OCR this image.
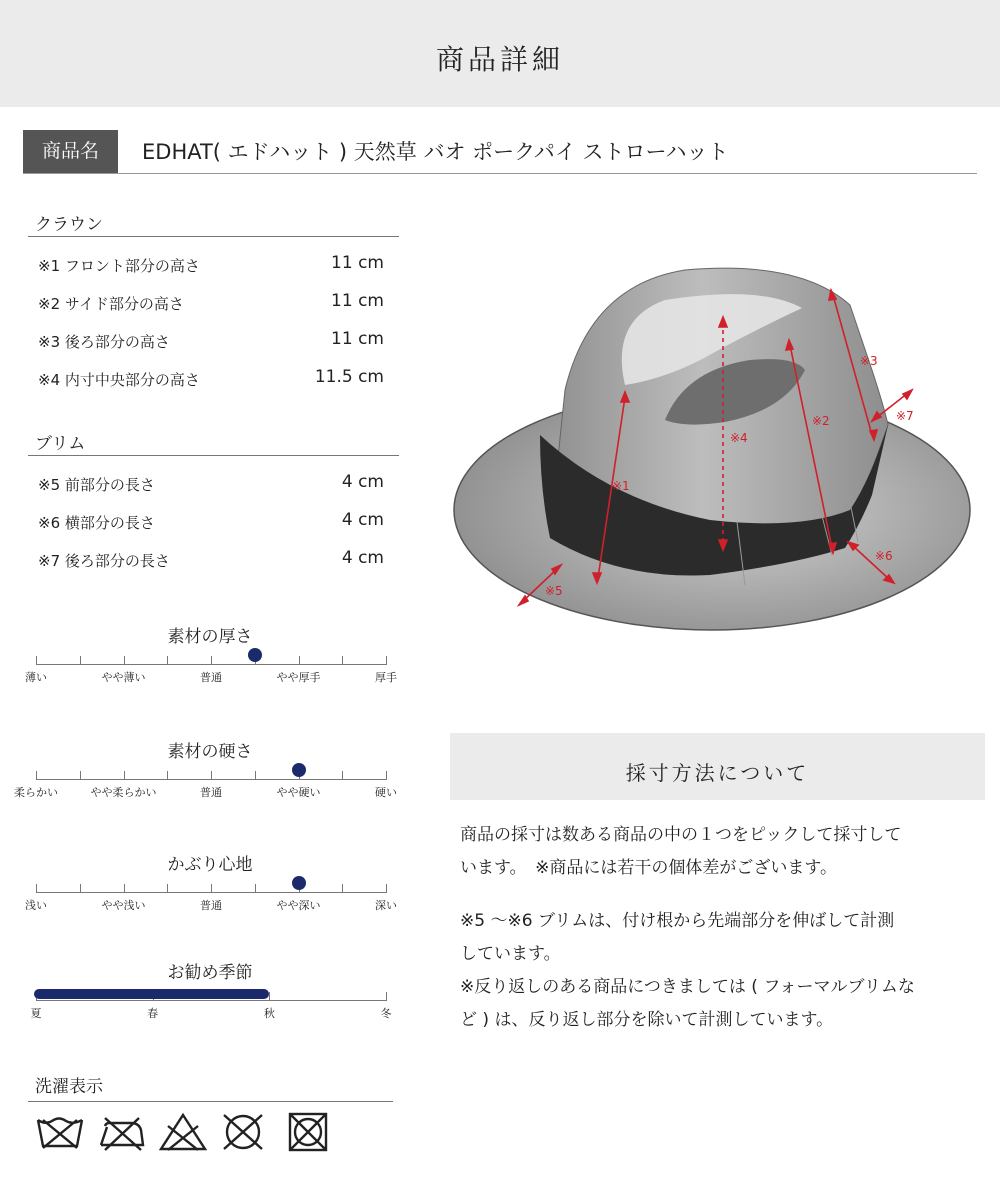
商品詳細
商品名	EDHAT( エドハット ) 天然草 バオ ポークパイ ストローハット
クラウン
※1 フロント部分の高さ	11 cm
※2 サイド部分の高さ	11 cm
※3 後ろ部分の高さ	11 cm
※4 内寸中央部分の高さ	11.5 cm
ブリム
※5 前部分の長さ	4 cm
※6 横部分の長さ	4 cm
※7 後ろ部分の長さ	4 cm
素材の厚さ
薄い	やや薄い	普通	やや厚手	厚手
素材の硬さ
柔らかい	やや柔らかい	普通	やや硬い	硬い
かぶり心地
浅い	やや浅い	普通	やや深い	深い
お勧め季節
夏	春	秋	冬
洗濯表示
※1
※2
※3
※4
※5
※6
※7
採寸方法について
商品の採寸は数ある商品の中の１つをピックして採寸して
います。　※商品には若干の個体差がございます。
※5 ～※6 ブリムは、付け根から先端部分を伸ばして計測
しています。
※反り返しのある商品につきましては ( フォーマルブリムな
ど ) は、反り返し部分を除いて計測しています。
